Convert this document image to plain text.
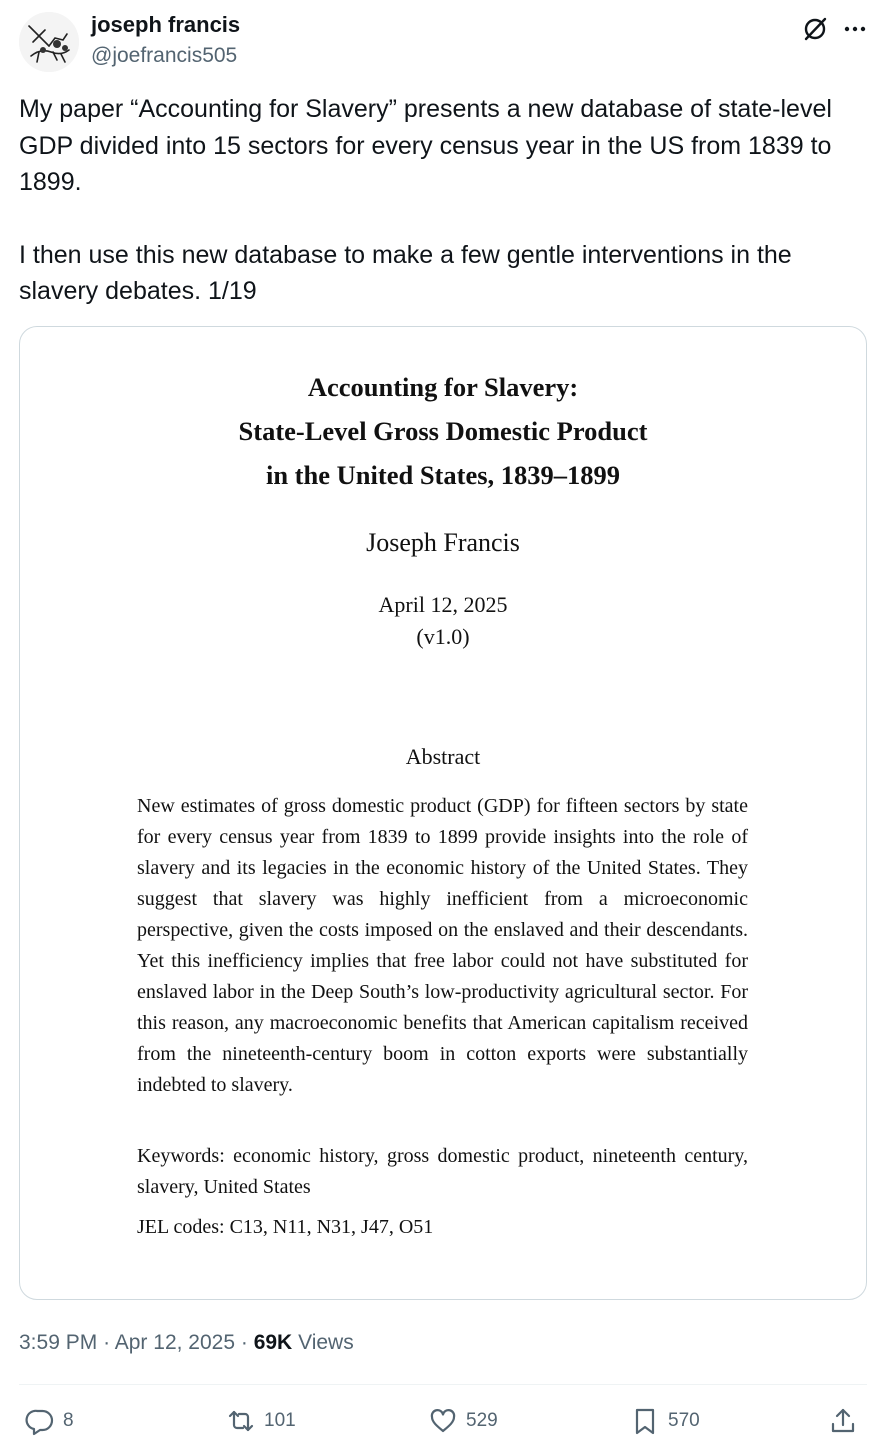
joseph francis
@joefrancis505

My paper “Accounting for Slavery” presents a new database of state-level GDP divided into 15 sectors for every census year in the US from 1839 to 1899.

I then use this new database to make a few gentle interventions in the slavery debates. 1/19

Accounting for Slavery:
State-Level Gross Domestic Product
in the United States, 1839–1899
Joseph Francis
April 12, 2025
(v1.0)
Abstract
New estimates of gross domestic product (GDP) for fifteen sectors by state for every census year from 1839 to 1899 provide insights into the role of slavery and its legacies in the economic history of the United States. They suggest that slavery was highly inefficient from a microeconomic perspective, given the costs imposed on the enslaved and their descendants. Yet this inefficiency implies that free labor could not have substituted for enslaved labor in the Deep South’s low-productivity agricultural sector. For this reason, any macroeconomic benefits that American capitalism received from the nineteenth-century boom in cotton exports were substantially indebted to slavery.
Keywords: economic history, gross domestic product, nineteenth century, slavery, United States
JEL codes: C13, N11, N31, J47, O51
3:59 PM · Apr 12, 2025 · 69K Views
8	101	529	570
